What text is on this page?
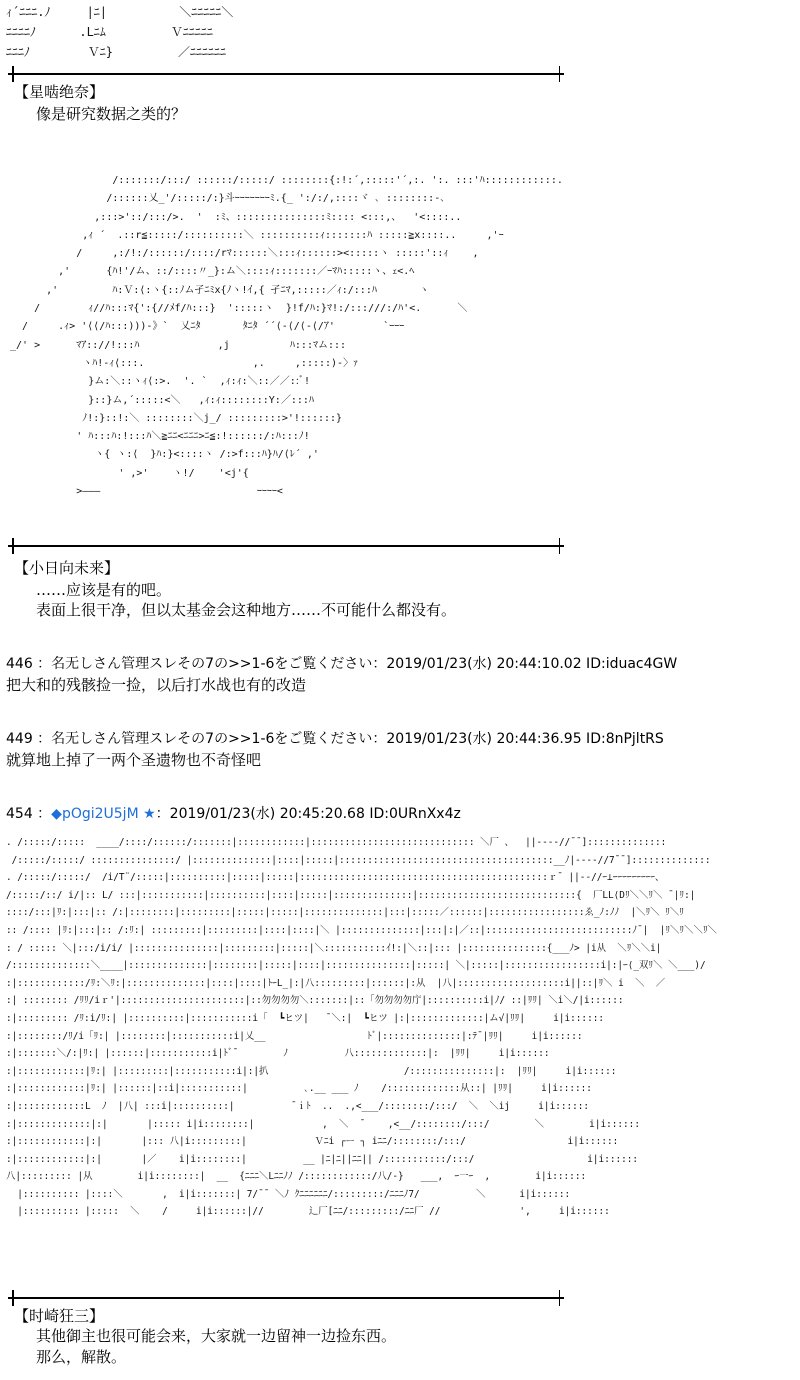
ｨ´ﾆﾆﾆ.ﾉ     |ﾆ|          ＼ﾆﾆﾆﾆﾆ＼
ﾆﾆﾆﾆﾉ      .Lﾆﾑ         Ｖﾆﾆﾆﾆﾆ
ﾆﾆﾆﾉ        Ｖﾆ}         ／ﾆﾆﾆﾆﾆﾆ
【星啮绝奈】
像是研究数据之类的？
/:::::::/:::/ ::::::/:::::/ ::::::::{:!:´,:::::'´,:. ':. :::'ﾊ::::::::::::.
/::::::乂_'/:::::/:}斗ｰｰｰｰｰｰｰﾐ.{_ ':/:/,::::ヾ ､ ::::::::-､
,:::>'::/:::/>.  '  :ﾐ、:::::::::::::::ﾐ:::: <:::,、  '<::::..
,ｨ ´  .::r≦:::::/::::::::::＼ ::::::::::ｨ:::::::ﾊ :::::≧x::::..     ,'ｰ
/     ,:/!:/::::::/::::/rﾏ::::::＼:::ｨ::::::><:::::ヽ :::::'::ｨ    ,
,'      {ﾊ!'/ム、::/::::〃_}:ム＼::::ｨ:::::::／ｰﾏﾊ:::::ヽ、ｪ<.ﾍ
,'         ﾊ:Ｖ:⟨:ヽ{::ﾉム孑ﾆﾐx{ﾉヽ!ｲ,{ 孑ﾆﾏ,:::::／ｨ:/:::ﾊ       ヽ
/        ｨ//ﾊ:::ﾏ{':{//ﾒf/ﾊ:::}  ':::::ヽ  }!f/ﾊ:}ﾏ!:/:::///:/ﾊ'<.      ＼
/     .ｨ> '⟨⟨/ﾊ:::)))-》`  乂ﾆﾀ       ﾀﾆﾀ ´´⟨-⟨/⟨-⟨/ｱ'        `ｰｰｰ
_/' >      ﾏｱ:://!:::ﾊ             ,j          ﾊ:::ﾏム:::
ヽﾊ!-ｨ⟨:::.                  ,.     ,:::::)-〉ｧ
}ム:＼::ヽｨ⟨:>.  '. `  ,ｨ:ｨ:＼::／／::ﾞ!
}::}ム,´:::::<＼   ,ｨ:ｨ::::::::Y:／:::ﾊ
ﾉ!:}::!:＼ ::::::::＼j_/ :::::::::>'!::::::}
' ﾊ:::ﾊ:!:::ﾊ＼≧ﾆﾆ<ﾆﾆﾆ>ﾆ≦:!::::::/:ﾊ:::ﾉ!
ヽ{ ヽ:⟨  }ﾊ:}<::::ヽ /:>f:::ﾊ}ﾊ/⟨ﾚ´ ,'
' ,>'    ヽ!/    '<j'{
>―――                          ｰｰｰｰ<
【小日向未来】
……应该是有的吧。
表面上很干净，但以太基金会这种地方……不可能什么都没有。
446 ：名无しさん管理スレその7の>>1-6をご覧ください：2019/01/23(水) 20:44:10.02 ID:iduac4GW
把大和的残骸捡一捡，以后打水战也有的改造
449 ：名无しさん管理スレその7の>>1-6をご覧ください：2019/01/23(水) 20:44:36.95 ID:8nPjltRS
就算地上掉了一两个圣遗物也不奇怪吧
454 ：◆pOgi2U5jM ★：2019/01/23(水) 20:45:20.68 ID:0URnXx4z
. /:::::/:::::  ____/::::/::::::/:::::::|::::::::::::|::::::::::::::::::::::::::::: ＼厂 、  ||----//¯¯]::::::::::::::
/:::::/:::::/ :::::::::::::::/ |::::::::::::::|::::|:::::|::::::::::::::::::::::::::::::::::::::__ﾉ|----//7¯¯]::::::::::::::
. /:::::/:::::/  /i/T¨/:::::|::::::::::|:::::|:::::|::::::::::::::::::::::::::::::::::::::::::::ｒ¯ ||--//ｰ⊥ｰｰｰｰｰｰｰｰｰ、
/:::::/::/ i/|:: L/ :::|:::::::::::|::::::::::|::::|:::::|::::::::::::::|::::::::::::::::::::::::::::{  厂LL⟨Dﾘ＼＼ﾘ＼ ¯|ﾘ:|
::::/:::|ﾘ:|:::|:: /:|::::::::|:::::::::|:::::|:::::|::::::::::::::|:::|:::::／::::::|:::::::::::::::::ゑ_ﾉ:ﾉﾉ  |＼ﾘ＼ ﾘ＼ﾘ
:: /:::: |ﾘ:|:::|:: /:ﾘ:| :::::::::|:::::::::|::::|::::|＼ |::::::::::::::|:::|:|／::|::::::::::::::::::::::::::ﾉ¯|  |ﾘ＼ﾘ＼＼ﾘ＼
: / ::::: ＼|:::/i/i/ |:::::::::::::::|:::::::::|:::::|＼:::::::::::ｲ!:|＼::|::: |:::::::::::::::{___ﾉ> |i从  ＼ﾘ＼＼i|
/::::::::::::::＼____|::::::::::::::|::::::::|:::::|::::|:::::::::::::::|:::::| ＼|:::::|:::::::::::::::::i|:|ｰ⟨_双ﾘ＼ ＼___)/
:|::::::::::::/ﾘ:＼ﾘ:|::::::::::::::|::::|::::|ﾄｰL_|:|八:::::::::|::::::|:从  |八|:::::::::::::::::::i||::|ﾘ＼ i  ＼  ／
:| :::::::: /ﾘﾘ/iｒ'|::::::::::::::::::::::|::勿勿勿勿＼:::::::|::「勿勿勿勿庁|::::::::::i|ﾉ/ ::|ﾘﾘ| ＼i＼/|i::::::
:|::::::::: /ﾘ:i/ﾘ:| |::::::::::|:::::::::::i「  ┗ヒツ|   ¯＼:|  ┗ヒツ |:|:::::::::::::|ム√|ﾘﾘ|     i|i::::::
:|::::::::/ﾘ/i「ﾘ:| |::::::::|:::::::::::i|乂__                  ﾄﾞ|::::::::::::::|:ﾃ¯|ﾘﾘ|     i|i::::::
:|:::::::＼/:|ﾘ:| |::::::|:::::::::::i|ﾄﾞ¯        ﾉ          八:::::::::::::|:  |ﾘﾘ|     i|i::::::
:|::::::::::::|ﾘ:| |:::::::::|:::::::::::i|:|扒                        /:::::::::::::::|:  |ﾘﾘ|     i|i::::::
:|::::::::::::|ﾘ:| |::::::|::i|:::::::::::|          ､.__ ___ ﾉ    /:::::::::::::从::| |ﾘﾘ|     i|i::::::
:|::::::::::::L  ﾉ  |八| :::i|::::::::::|          ¯ｉﾄ  ..  .,<___/::::::::/:::/  ＼  ＼ij     i|i::::::
:|:::::::::::::|:|       |::::: i|i::::::::|            ,  ＼  ¯    ,<__/::::::::/:::/        ＼        i|i::::::
:|::::::::::::|:|       |::: 八|i:::::::::|            Ｖﾆi ┌ー ┐ iﾆﾆ/::::::::/:::/                  i|i::::::
:|::::::::::::|:|       |／    i|i::::::::|          __ |ﾆ|ﾆ||ﾆﾆ|| /:::::::::::/:::/                    i|i::::::
八|::::::::: |从        i|i::::::::|  __  {ﾆﾆﾆ＼Lﾆﾆﾉﾉ /::::::::::::/八/-}   ___,  ｰ一ｰ  ,        i|i::::::
|:::::::::: |::::＼       ,  i|i:::::::| 7/¯¯ ＼ﾉ ｸﾆﾆﾆﾆﾆﾆ/:::::::::/ﾆﾆﾆﾉ7/          ＼      i|i::::::
|:::::::::: |:::::  ＼    /     i|i::::::|//        辶厂[ﾆﾆ/:::::::::/ﾆﾆ厂 //              ',     i|i::::::
【时崎狂三】
其他御主也很可能会来，大家就一边留神一边捡东西。
那么，解散。
